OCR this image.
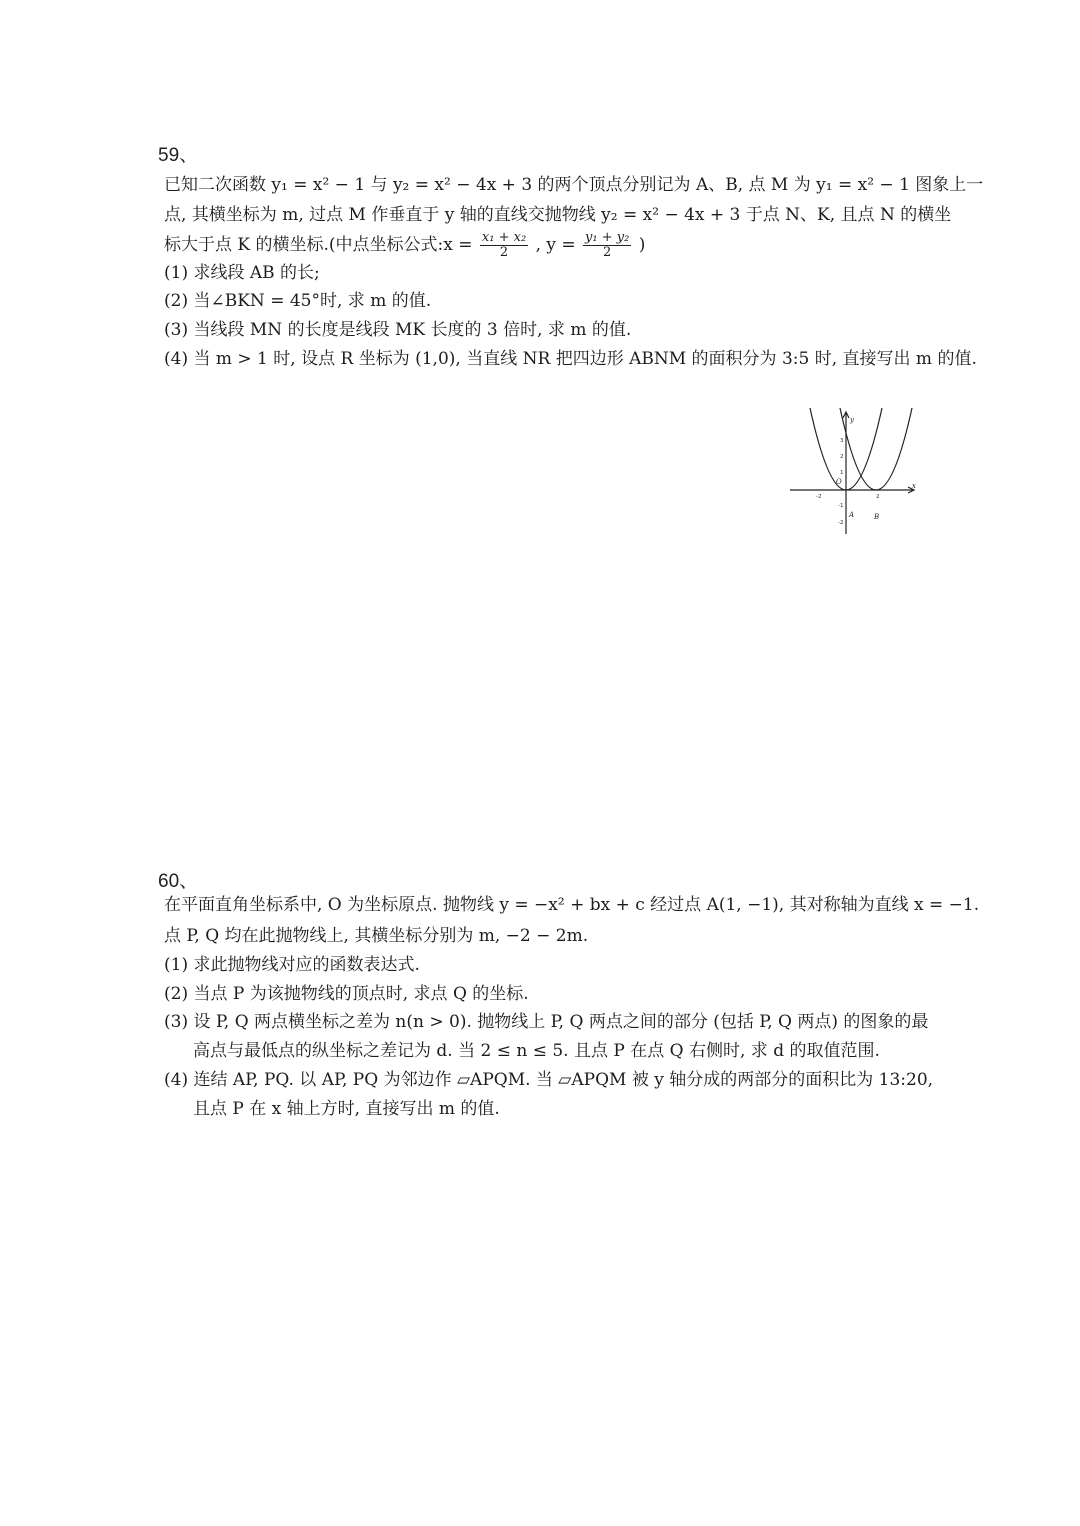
59、
已知二次函数 y₁ = x² − 1 与 y₂ = x² − 4x + 3 的两个顶点分别记为 A、B, 点 M 为 y₁ = x² − 1 图象上一
点, 其横坐标为 m, 过点 M 作垂直于 y 轴的直线交抛物线 y₂ = x² − 4x + 3 于点 N、K, 且点 N 的横坐
标大于点 K 的横坐标.(中点坐标公式:x = $\frac{\text{x₁ + x₂}}{2}$ , $y = \frac{\text{y₁ + y₂}}{2}$ )
(1) 求线段 AB 的长;
(2) 当∠BKN = 45°时, 求 m 的值.
(3) 当线段 MN 的长度是线段 MK 长度的 3 倍时, 求 m 的值.
(4) 当 m > 1 时, 设点 R 坐标为 (1,0), 当直线 NR 把四边形 ABNM 的面积分为 3:5 时, 直接写出 m 的值.
y
x
O
A	B
3
2
1
-1
-2
-2	2
60、
在平面直角坐标系中, O 为坐标原点. 抛物线 y = −x² + bx + c 经过点 A(1, −1), 其对称轴为直线 x = −1.
点 P, Q 均在此抛物线上, 其横坐标分别为 m, −2 − 2m.
(1) 求此抛物线对应的函数表达式.
(2) 当点 P 为该抛物线的顶点时, 求点 Q 的坐标.
(3) 设 P, Q 两点横坐标之差为 n(n > 0). 抛物线上 P, Q 两点之间的部分 (包括 P, Q 两点) 的图象的最
高点与最低点的纵坐标之差记为 d. 当 2 ≤ n ≤ 5. 且点 P 在点 Q 右侧时, 求 d 的取值范围.
(4) 连结 AP, PQ. 以 AP, PQ 为邻边作 ▱APQM. 当 ▱APQM 被 y 轴分成的两部分的面积比为 13:20,
且点 P 在 x 轴上方时, 直接写出 m 的值.
